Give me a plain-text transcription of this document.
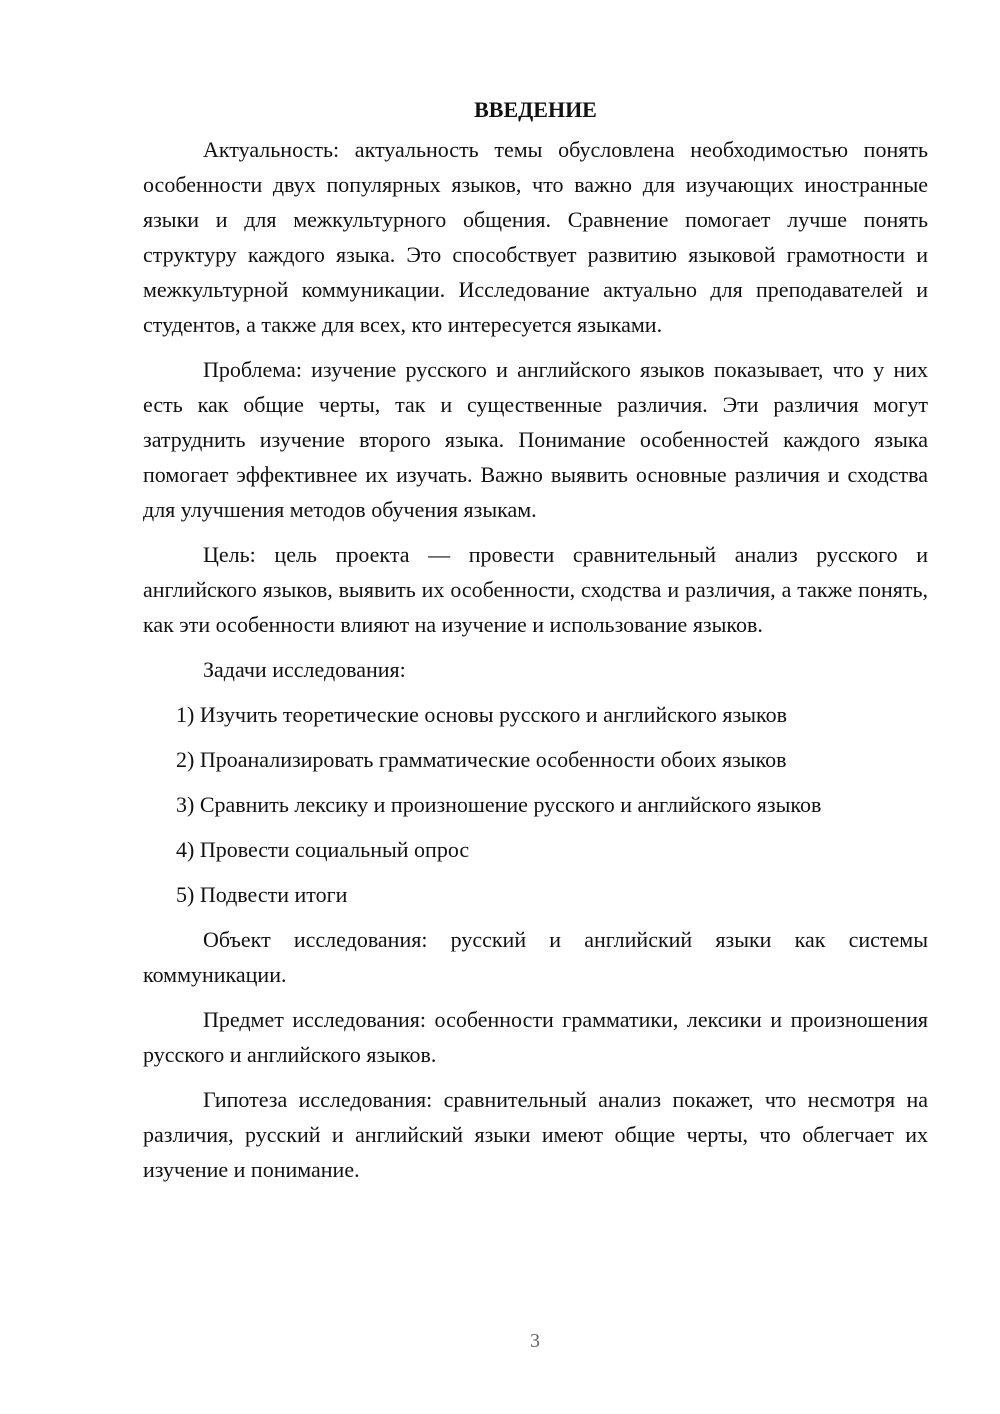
ВВЕДЕНИЕ

Актуальность: актуальность темы обусловлена необходимостью понять особенности двух популярных языков, что важно для изучающих иностранные языки и для межкультурного общения. Сравнение помогает лучше понять структуру каждого языка. Это способствует развитию языковой грамотности и межкультурной коммуникации. Исследование актуально для преподавателей и студентов, а также для всех, кто интересуется языками.

Проблема: изучение русского и английского языков показывает, что у них есть как общие черты, так и существенные различия. Эти различия могут затруднить изучение второго языка. Понимание особенностей каждого языка помогает эффективнее их изучать. Важно выявить основные различия и сходства для улучшения методов обучения языкам.

Цель: цель проекта — провести сравнительный анализ русского и английского языков, выявить их особенности, сходства и различия, а также понять, как эти особенности влияют на изучение и использование языков.

Задачи исследования:

1) Изучить теоретические основы русского и английского языков
2) Проанализировать грамматические особенности обоих языков
3) Сравнить лексику и произношение русского и английского языков
4) Провести социальный опрос
5) Подвести итоги

Объект исследования: русский и английский языки как системы коммуникации.

Предмет исследования: особенности грамматики, лексики и произношения русского и английского языков.

Гипотеза исследования: сравнительный анализ покажет, что несмотря на различия, русский и английский языки имеют общие черты, что облегчает их изучение и понимание.

3
